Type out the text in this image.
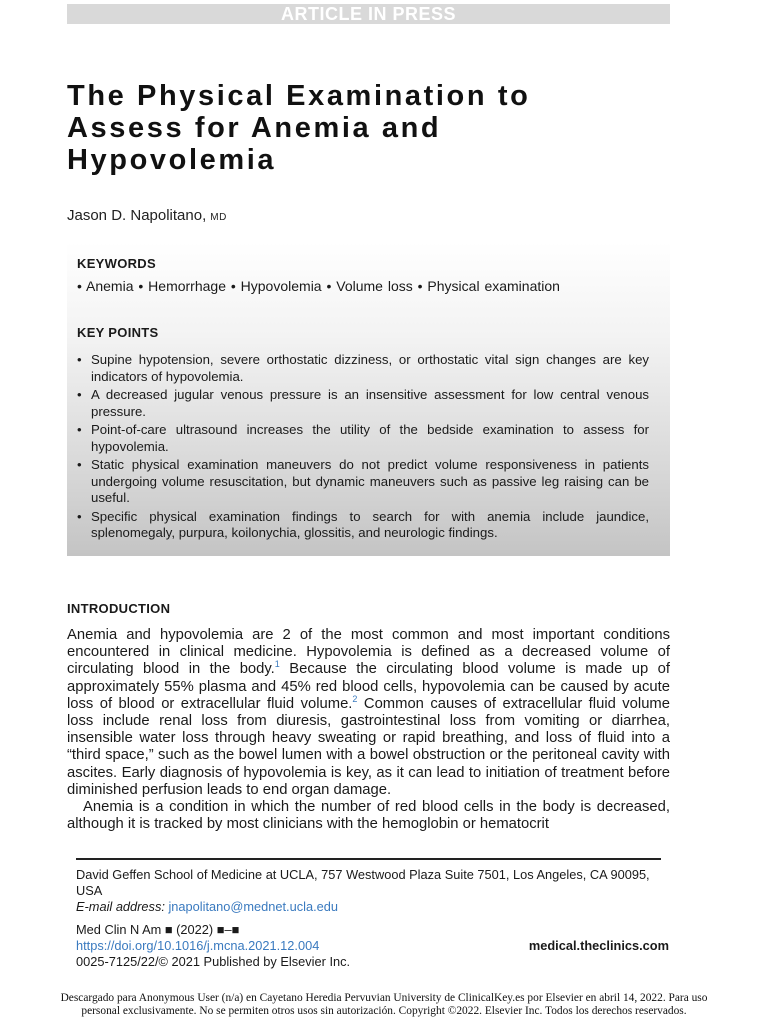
ARTICLE IN PRESS
The Physical Examination to
Assess for Anemia and
Hypovolemia
Jason D. Napolitano, MD
KEYWORDS
• Anemia • Hemorrhage • Hypovolemia • Volume loss • Physical examination
KEY POINTS
• Supine hypotension, severe orthostatic dizziness, or orthostatic vital sign changes are key indicators of hypovolemia.
• A decreased jugular venous pressure is an insensitive assessment for low central venous pressure.
• Point-of-care ultrasound increases the utility of the bedside examination to assess for hypovolemia.
• Static physical examination maneuvers do not predict volume responsiveness in patients undergoing volume resuscitation, but dynamic maneuvers such as passive leg raising can be useful.
• Specific physical examination findings to search for with anemia include jaundice, splenomegaly, purpura, koilonychia, glossitis, and neurologic findings.
INTRODUCTION

Anemia and hypovolemia are 2 of the most common and most important conditions encountered in clinical medicine. Hypovolemia is defined as a decreased volume of circulating blood in the body.$^1$ Because the circulating blood volume is made up of approximately 55% plasma and 45% red blood cells, hypovolemia can be caused by acute loss of blood or extracellular fluid volume.$^2$ Common causes of extracellular fluid volume loss include renal loss from diuresis, gastrointestinal loss from vomiting or diarrhea, insensible water loss through heavy sweating or rapid breathing, and loss of fluid into a “third space,” such as the bowel lumen with a bowel obstruction or the peritoneal cavity with ascites. Early diagnosis of hypovolemia is key, as it can lead to initiation of treatment before diminished perfusion leads to end organ damage.

Anemia is a condition in which the number of red blood cells in the body is decreased, although it is tracked by most clinicians with the hemoglobin or hematocrit

David Geffen School of Medicine at UCLA, 757 Westwood Plaza Suite 7501, Los Angeles, CA 90095, USA
E-mail address: jnapolitano@mednet.ucla.edu
Med Clin N Am ■ (2022) ■–■
https://doi.org/10.1016/j.mcna.2021.12.004
0025-7125/22/© 2021 Published by Elsevier Inc.
medical.theclinics.com
Descargado para Anonymous User (n/a) en Cayetano Heredia Pervuvian University de ClinicalKey.es por Elsevier en abril 14, 2022. Para uso
personal exclusivamente. No se permiten otros usos sin autorización. Copyright ©2022. Elsevier Inc. Todos los derechos reservados.
